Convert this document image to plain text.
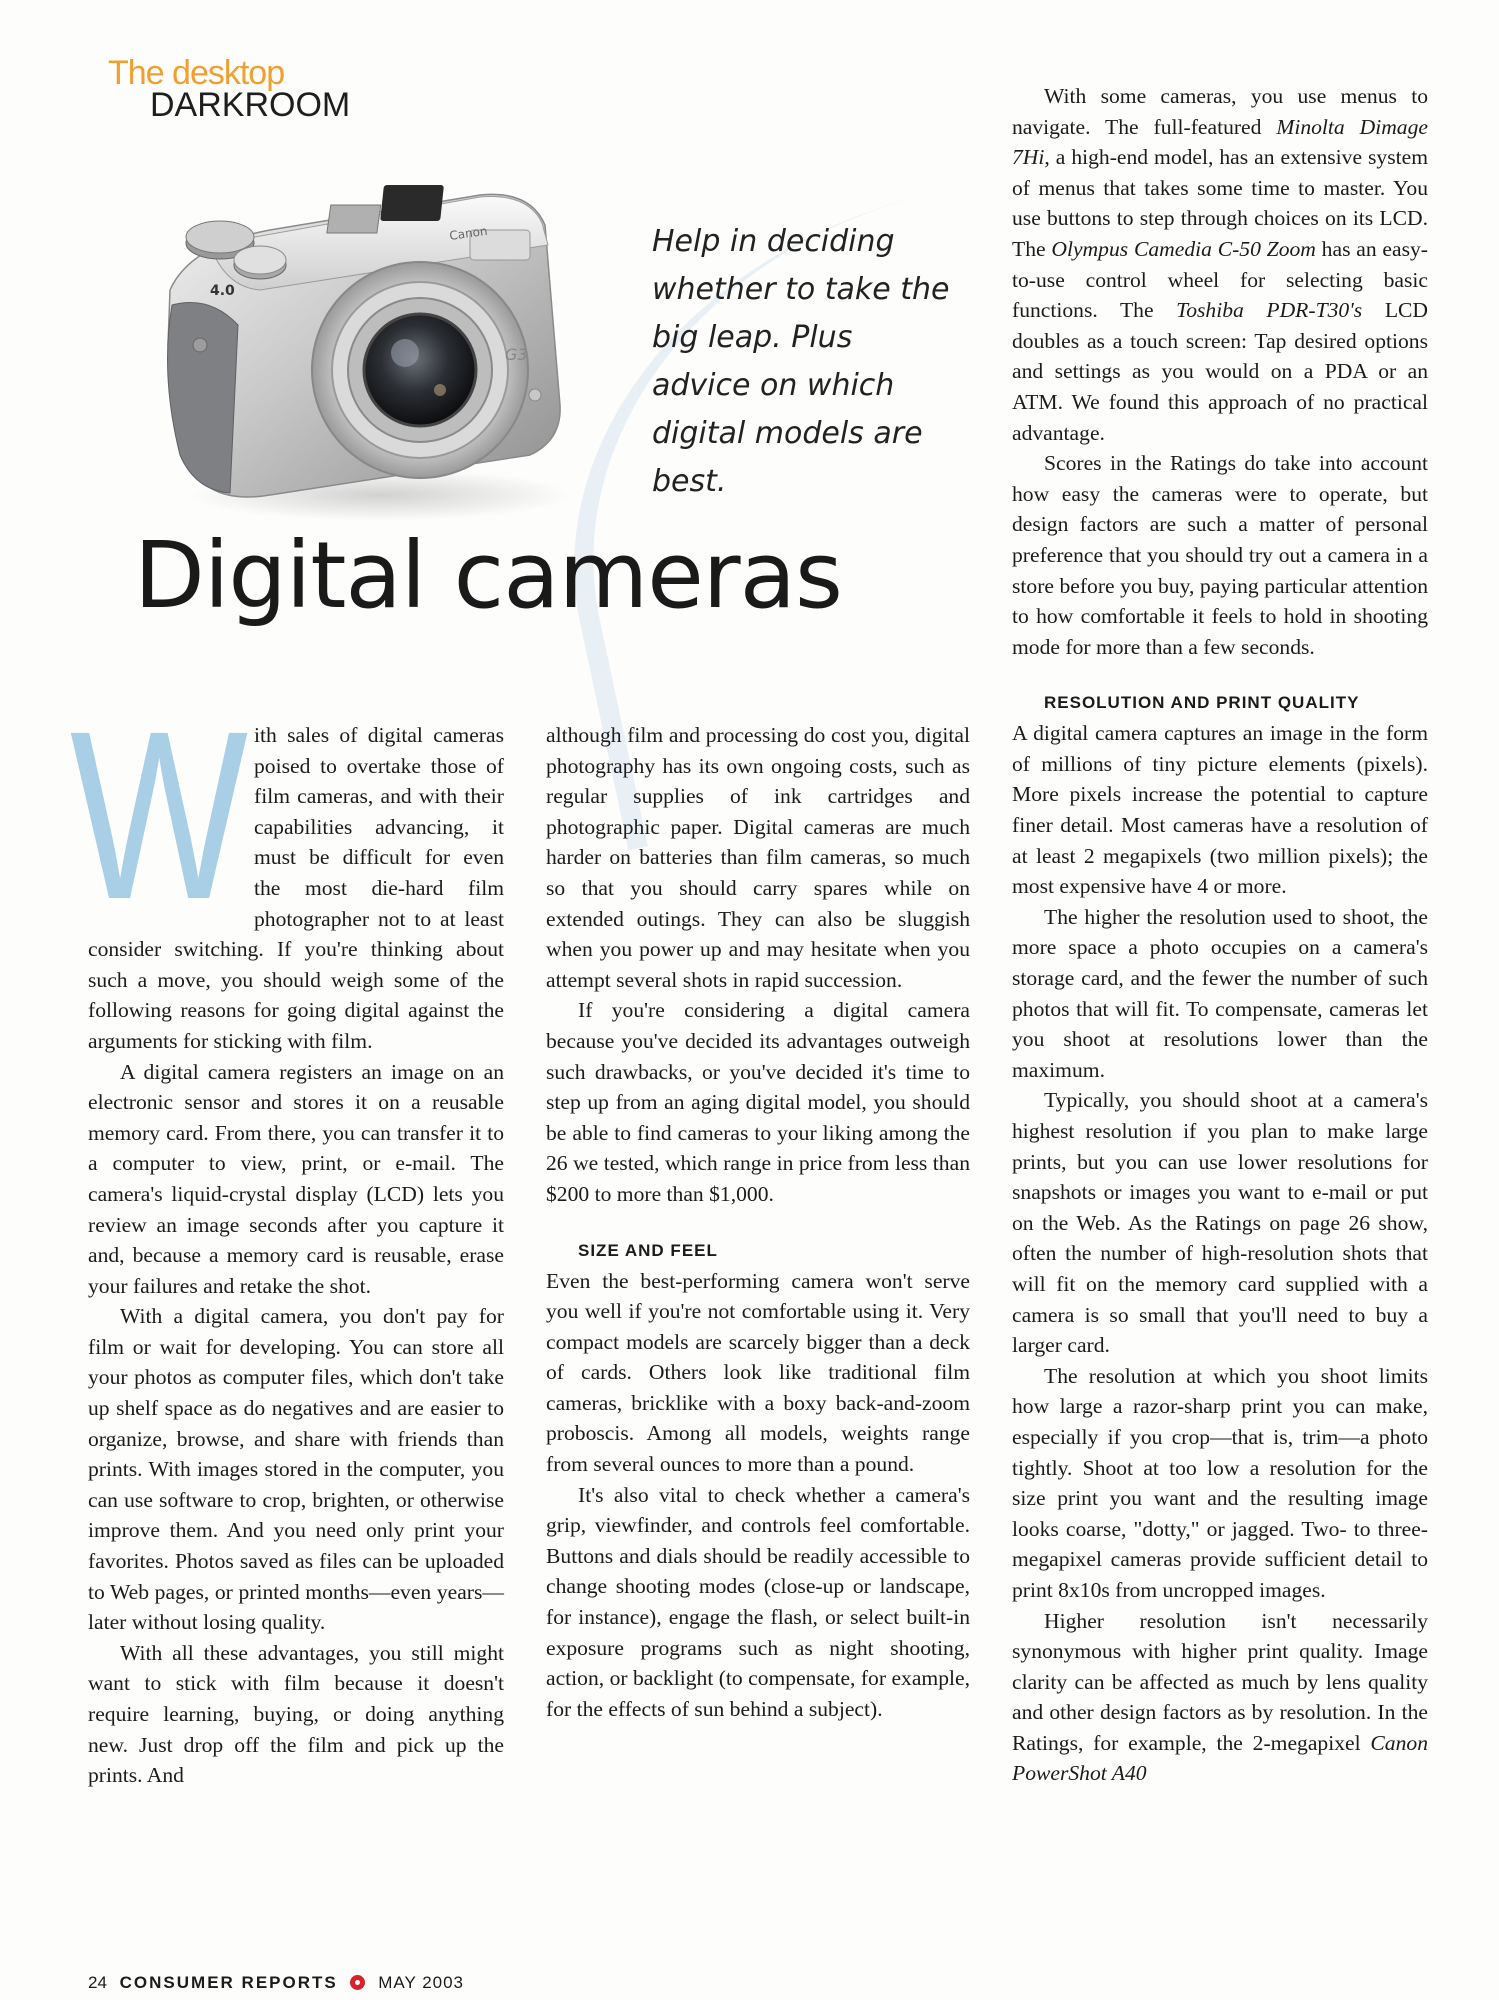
The desktop
DARKROOM
4.0
Canon
G3
Help in deciding whether to take the big leap. Plus advice on which digital models are best.
Digital cameras
W ith sales of digital cameras poised to overtake those of film cameras, and with their capabilities advancing, it must be difficult for even the most die-hard film photographer not to at least consider switching. If you're thinking about such a move, you should weigh some of the following reasons for going digital against the arguments for sticking with film.

A digital camera registers an image on an electronic sensor and stores it on a reusable memory card. From there, you can transfer it to a computer to view, print, or e-mail. The camera's liquid-crystal display (LCD) lets you review an image seconds after you capture it and, because a memory card is reusable, erase your failures and retake the shot.

With a digital camera, you don't pay for film or wait for developing. You can store all your photos as computer files, which don't take up shelf space as do negatives and are easier to organize, browse, and share with friends than prints. With images stored in the computer, you can use software to crop, brighten, or otherwise improve them. And you need only print your favorites. Photos saved as files can be uploaded to Web pages, or printed months—even years—later without losing quality.

With all these advantages, you still might want to stick with film because it doesn't require learning, buying, or doing anything new. Just drop off the film and pick up the prints. And

although film and processing do cost you, digital photography has its own ongoing costs, such as regular supplies of ink cartridges and photographic paper. Digital cameras are much harder on batteries than film cameras, so much so that you should carry spares while on extended outings. They can also be sluggish when you power up and may hesitate when you attempt several shots in rapid succession.

If you're considering a digital camera because you've decided its advantages outweigh such drawbacks, or you've decided it's time to step up from an aging digital model, you should be able to find cameras to your liking among the 26 we tested, which range in price from less than $200 to more than $1,000.

SIZE AND FEEL

Even the best-performing camera won't serve you well if you're not comfortable using it. Very compact models are scarcely bigger than a deck of cards. Others look like traditional film cameras, bricklike with a boxy back-and-zoom proboscis. Among all models, weights range from several ounces to more than a pound.

It's also vital to check whether a camera's grip, viewfinder, and controls feel comfortable. Buttons and dials should be readily accessible to change shooting modes (close-up or landscape, for instance), engage the flash, or select built-in exposure programs such as night shooting, action, or backlight (to compensate, for example, for the effects of sun behind a subject).

With some cameras, you use menus to navigate. The full-featured Minolta Dimage 7Hi, a high-end model, has an extensive system of menus that takes some time to master. You use buttons to step through choices on its LCD. The Olympus Camedia C-50 Zoom has an easy-to-use control wheel for selecting basic functions. The Toshiba PDR-T30's LCD doubles as a touch screen: Tap desired options and settings as you would on a PDA or an ATM. We found this approach of no practical advantage.

Scores in the Ratings do take into account how easy the cameras were to operate, but design factors are such a matter of personal preference that you should try out a camera in a store before you buy, paying particular attention to how comfortable it feels to hold in shooting mode for more than a few seconds.

RESOLUTION AND PRINT QUALITY

A digital camera captures an image in the form of millions of tiny picture elements (pixels). More pixels increase the potential to capture finer detail. Most cameras have a resolution of at least 2 megapixels (two million pixels); the most expensive have 4 or more.

The higher the resolution used to shoot, the more space a photo occupies on a camera's storage card, and the fewer the number of such photos that will fit. To compensate, cameras let you shoot at resolutions lower than the maximum.

Typically, you should shoot at a camera's highest resolution if you plan to make large prints, but you can use lower resolutions for snapshots or images you want to e-mail or put on the Web. As the Ratings on page 26 show, often the number of high-resolution shots that will fit on the memory card supplied with a camera is so small that you'll need to buy a larger card.

The resolution at which you shoot limits how large a razor-sharp print you can make, especially if you crop—that is, trim—a photo tightly. Shoot at too low a resolution for the size print you want and the resulting image looks coarse, "dotty," or jagged. Two- to three-megapixel cameras provide sufficient detail to print 8x10s from uncropped images.

Higher resolution isn't necessarily synonymous with higher print quality. Image clarity can be affected as much by lens quality and other design factors as by resolution. In the Ratings, for example, the 2-megapixel Canon PowerShot A40

24 CONSUMER REPORTS MAY 2003
